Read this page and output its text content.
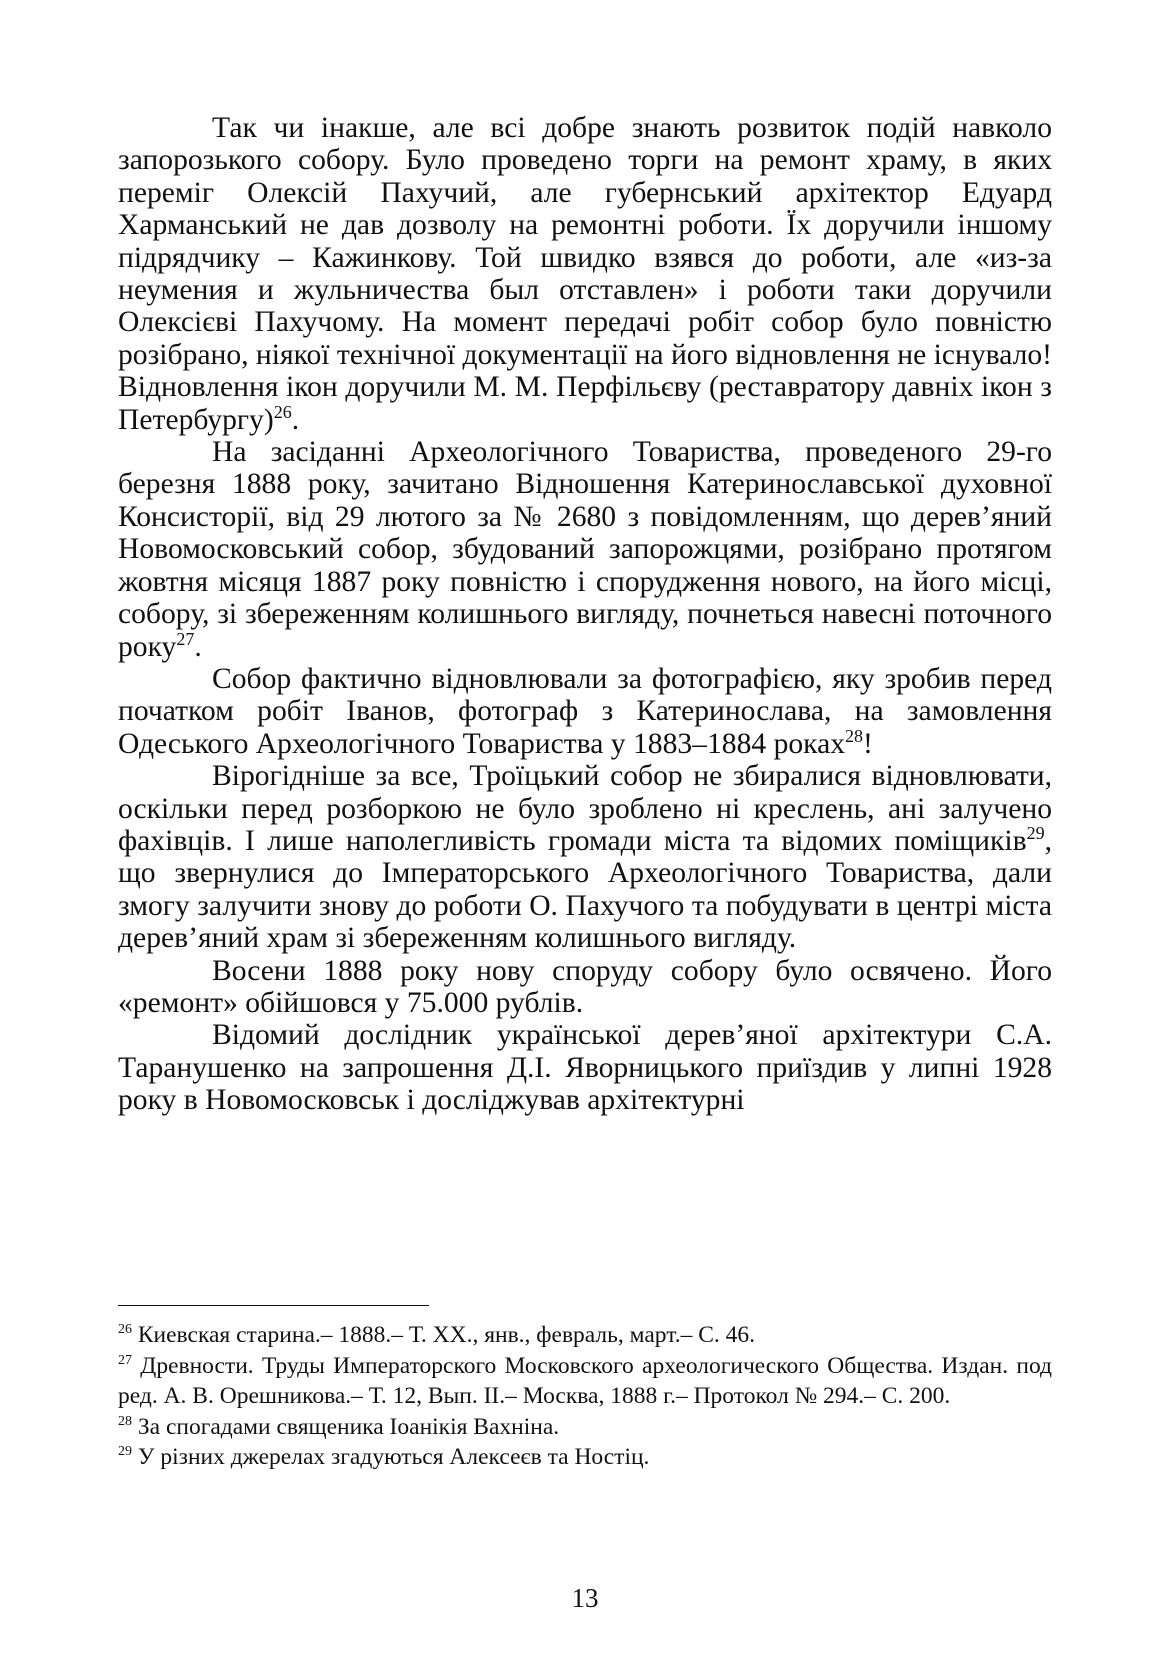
Так чи інакше, але всі добре знають розвиток подій навколо запорозького собору. Було проведено торги на ремонт храму, в яких переміг Олексій Пахучий, але губернський архітектор Едуард Харманський не дав дозволу на ремонтні роботи. Їх доручили іншому підрядчику – Кажинкову. Той швидко взявся до роботи, але «из-за неумения и жульничества был отставлен» і роботи таки доручили Олексієві Пахучому. На момент передачі робіт собор було повністю розібрано, ніякої технічної документації на його відновлення не існувало! Відновлення ікон доручили М. М. Перфільєву (реставратору давніх ікон з Петербургу)$^{26}$.

На засіданні Археологічного Товариства, проведеного 29-го березня 1888 року, зачитано Відношення Катеринославської духовної Консисторії, від 29 лютого за № 2680 з повідомленням, що дерев’яний Новомосковський собор, збудований запорожцями, розібрано протягом жовтня місяця 1887 року повністю і спорудження нового, на його місці, собору, зі збереженням колишнього вигляду, почнеться навесні поточного року$^{27}$.

Собор фактично відновлювали за фотографією, яку зробив перед початком робіт Іванов, фотограф з Катеринослава, на замовлення Одеського Археологічного Товариства у 1883–1884 роках$^{28}$!

Вірогідніше за все, Троїцький собор не збиралися відновлювати, оскільки перед розборкою не було зроблено ні креслень, ані залучено фахівців. І лише наполегливість громади міста та відомих поміщиків$^{29}$, що звернулися до Імператорського Археологічного Товариства, дали змогу залучити знову до роботи О. Пахучого та побудувати в центрі міста дерев’яний храм зі збереженням колишнього вигляду.

Восени 1888 року нову споруду собору було освячено. Його «ремонт» обійшовся у 75.000 рублів.

Відомий дослідник української дерев’яної архітектури С.А. Таранушенко на запрошення Д.І. Яворницького приїздив у липні 1928 року в Новомосковськ і досліджував архітектурні

$^{26}$ Киевская старина.– 1888.– Т. ХХ., янв., февраль, март.– С. 46.

$^{27}$ Древности. Труды Императорского Московского археологического Общества. Издан. под ред. А. В. Орешникова.– Т. 12, Вып. II.– Москва, 1888 г.– Протокол № 294.– С. 200.

$^{28}$ За спогадами священика Іоанікія Вахніна.

$^{29}$ У різних джерелах згадуються Алексеєв та Ностіц.

13
